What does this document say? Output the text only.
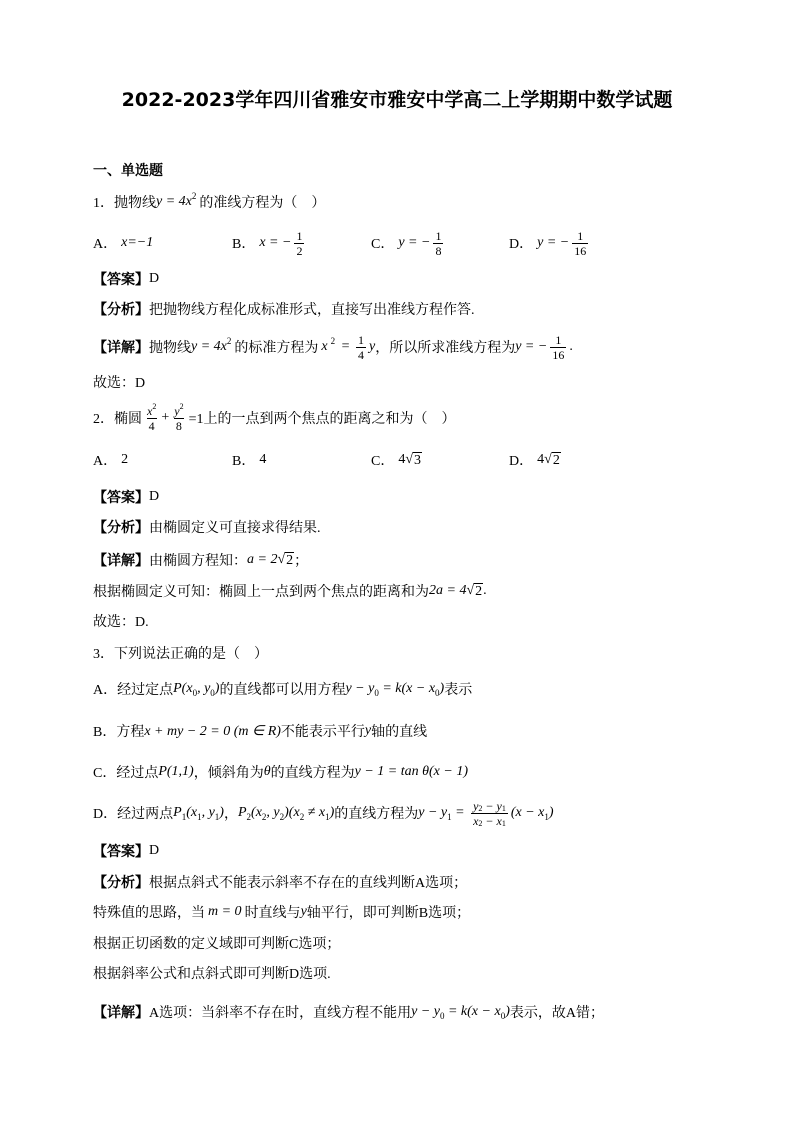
2022-2023学年四川省雅安市雅安中学高二上学期期中数学试题
一、单选题
1．抛物线 y = 4x 2 的准线方程为（　）
A． x=−1	B． x = − $\frac{1}{2}$	C． y = − $\frac{1}{8}$	D． y = − $\frac{1}{16}$
【答案】 D
【分析】 把抛物线方程化成标准形式，直接写出准线方程作答.
【详解】 抛物线 y = 4x 2 的标准方程为 x $2 = \frac{1}{4}$ y ，所以所求准线方程为 y = − $\frac{1}{16}$ .
故选：D
2．椭圆 $\frac{x 2}{4} + \frac{y 2}{8} =1$上的一点到两个焦点的距离之和为（　）
A． 2	B． 4	C． 4√ 3	D． 4√ 2
【答案】 D
【分析】 由椭圆定义可直接求得结果.
【详解】 由椭圆方程知： a = 2√ 2 ；
根据椭圆定义可知：椭圆上一点到两个焦点的距离和为 2a = 4√ 2 .
故选：D.
3．下列说法正确的是（　）
A．经过定点 P(x 0 , y 0 ) 的直线都可以用方程 y − y 0 = k(x − x 0 ) 表示
B．方程 x + my − 2 = 0 (m ∈ R) 不能表示平行 y 轴的直线
C．经过点 P(1,1) ，倾斜角为 θ 的直线方程为 y − 1 = tan θ(x − 1)
D．经过两点 P 1 (x 1 , y 1 ) ， P 2 (x 2 , y 2 )(x 2 ≠ x 1 ) 的直线方程为 y − y $1 = \frac{y 2 - y 1}{x 2 - x 1} (x - x$ 1 )
【答案】 D
【分析】 根据点斜式不能表示斜率不存在的直线判断A选项；
特殊值的思路，当 m = 0 时直线与 y 轴平行，即可判断B选项；
根据正切函数的定义域即可判断C选项；
根据斜率公式和点斜式即可判断D选项.
【详解】 A选项：当斜率不存在时，直线方程不能用 y − y 0 = k(x − x 0 ) 表示，故A错；
